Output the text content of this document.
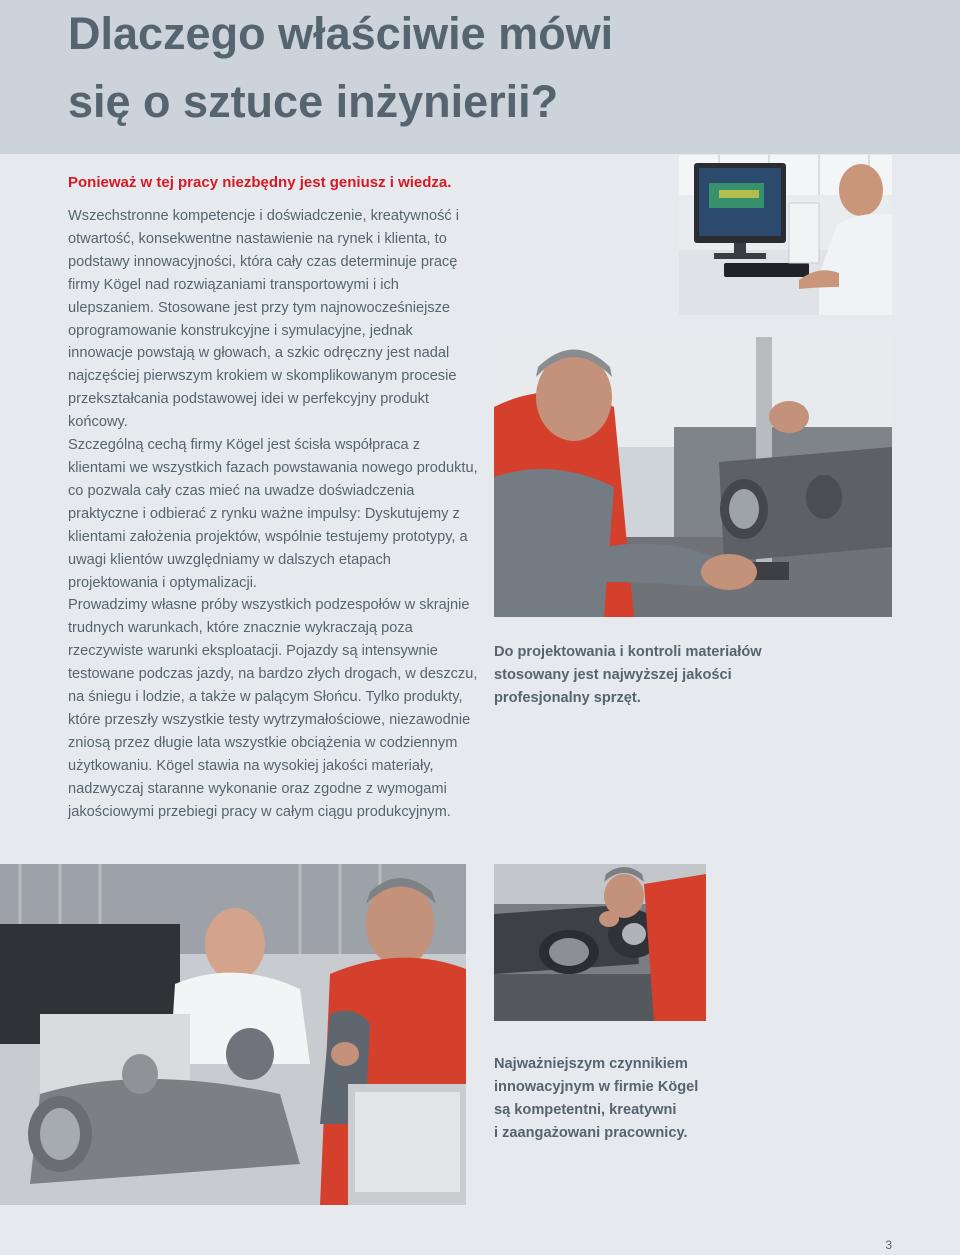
Dlaczego właściwie mówi
się o sztuce inżynierii?

Ponieważ w tej pracy niezbędny jest geniusz i wiedza.

Wszechstronne kompetencje i doświadczenie, kreatywność i otwartość, konsekwentne nastawienie na rynek i klienta, to podstawy innowacyjności, która cały czas determinuje pracę firmy Kögel nad rozwiązaniami transportowymi i ich ulepszaniem. Stosowane jest przy tym najnowocześniejsze oprogramowanie konstrukcyjne i symulacyjne, jednak innowacje powstają w głowach, a szkic odręczny jest nadal najczęściej pierwszym krokiem w skomplikowanym procesie przekształcania podstawowej idei w perfekcyjny produkt końcowy.

Szczególną cechą firmy Kögel jest ścisła współpraca z klientami we wszystkich fazach powstawania nowego produktu, co pozwala cały czas mieć na uwadze doświadczenia praktyczne i odbierać z rynku ważne impulsy: Dyskutujemy z klientami założenia projektów, wspólnie testujemy prototypy, a uwagi klientów uwzględniamy w dalszych etapach projektowania i optymalizacji.

Prowadzimy własne próby wszystkich podzespołów w skrajnie trudnych warunkach, które znacznie wykraczają poza rzeczywiste warunki eksploatacji. Pojazdy są intensywnie testowane podczas jazdy, na bardzo złych drogach, w deszczu, na śniegu i lodzie, a także w palącym Słońcu. Tylko produkty, które przeszły wszystkie testy wytrzymałościowe, niezawodnie zniosą przez długie lata wszystkie obciążenia w codziennym użytkowaniu. Kögel stawia na wysokiej jakości materiały, nadzwyczaj staranne wykonanie oraz zgodne z wymogami jakościowymi przebiegi pracy w całym ciągu produkcyjnym.

Do projektowania i kontroli materiałów
stosowany jest najwyższej jakości
profesjonalny sprzęt.

Najważniejszym czynnikiem
innowacyjnym w firmie Kögel
są kompetentni, kreatywni
i zaangażowani pracownicy.

3
